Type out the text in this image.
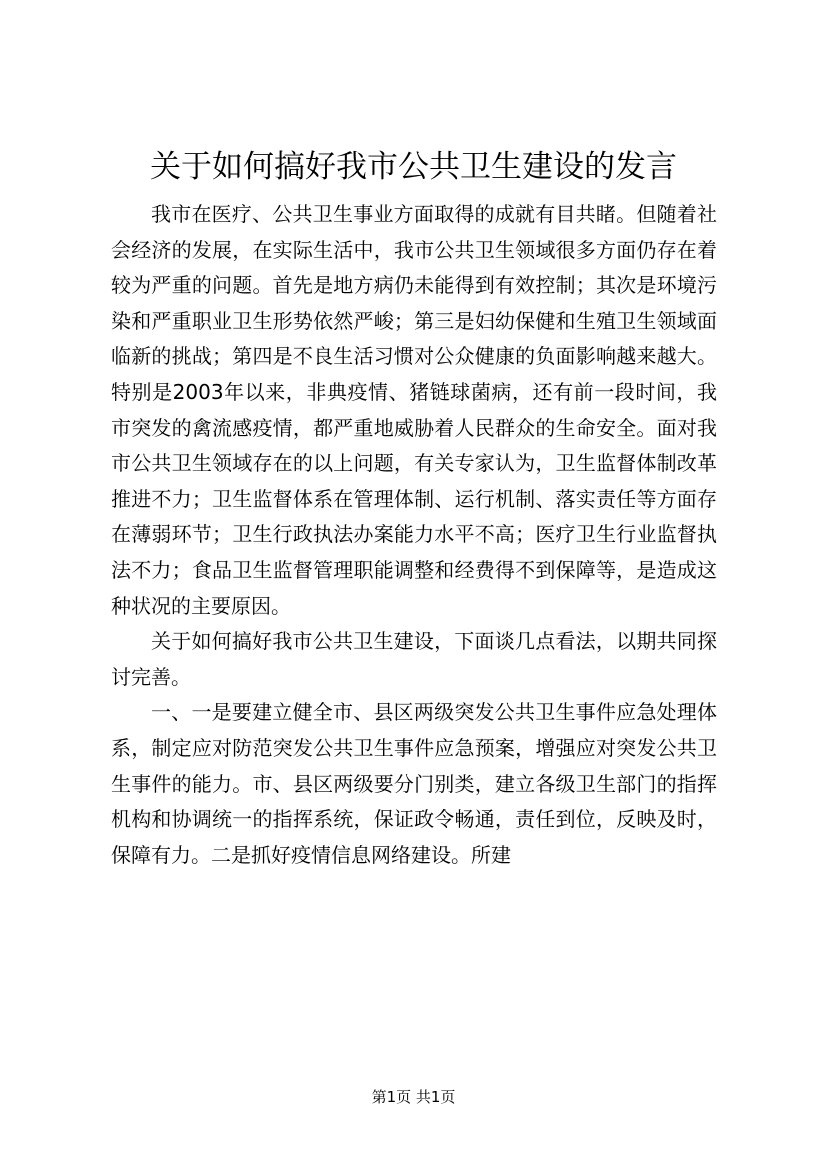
关于如何搞好我市公共卫生建设的发言

我市在医疗、公共卫生事业方面取得的成就有目共睹。但随着社会经济的发展，在实际生活中，我市公共卫生领域很多方面仍存在着较为严重的问题。首先是地方病仍未能得到有效控制；其次是环境污染和严重职业卫生形势依然严峻；第三是妇幼保健和生殖卫生领域面临新的挑战；第四是不良生活习惯对公众健康的负面影响越来越大。特别是2003年以来，非典疫情、猪链球菌病，还有前一段时间，我市突发的禽流感疫情，都严重地威胁着人民群众的生命安全。面对我市公共卫生领域存在的以上问题，有关专家认为，卫生监督体制改革推进不力；卫生监督体系在管理体制、运行机制、落实责任等方面存在薄弱环节；卫生行政执法办案能力水平不高；医疗卫生行业监督执法不力；食品卫生监督管理职能调整和经费得不到保障等，是造成这种状况的主要原因。

关于如何搞好我市公共卫生建设，下面谈几点看法，以期共同探讨完善。

一、一是要建立健全市、县区两级突发公共卫生事件应急处理体系，制定应对防范突发公共卫生事件应急预案，增强应对突发公共卫生事件的能力。市、县区两级要分门别类，建立各级卫生部门的指挥机构和协调统一的指挥系统，保证政令畅通，责任到位，反映及时，保障有力。二是抓好疫情信息网络建设。所建

第1页 共1页
